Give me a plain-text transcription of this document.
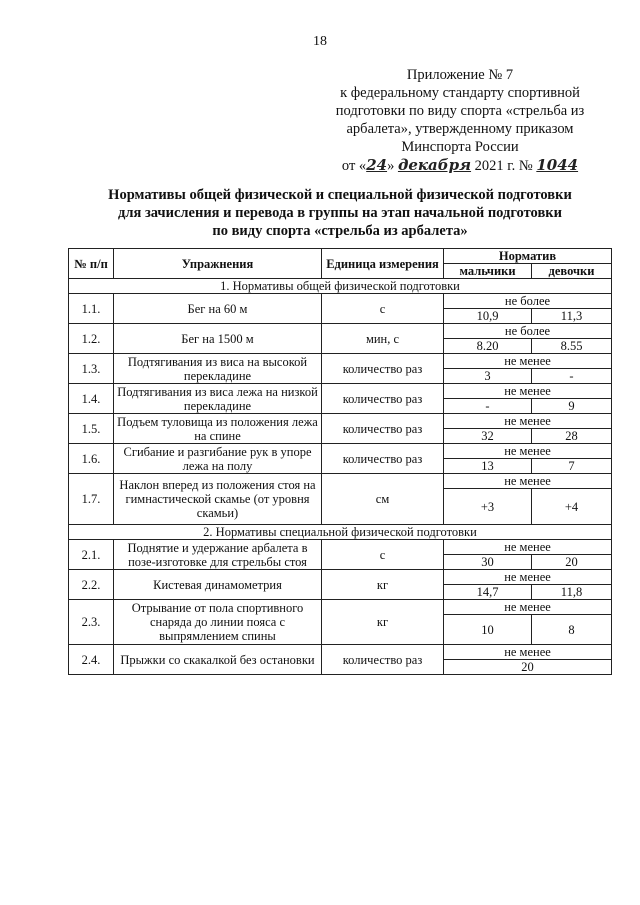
18
Приложение № 7
к федеральному стандарту спортивной
подготовки по виду спорта «стрельба из
арбалета», утвержденному приказом
Минспорта России
от «24» декабря 2021 г. № 1044
Нормативы общей физической и специальной физической подготовки
для зачисления и перевода в группы на этап начальной подготовки
по виду спорта «стрельба из арбалета»
№ п/п	Упражнения	Единица измерения	Норматив	
			мальчики	девочки
1. Нормативы общей физической подготовки				
1.1.	Бег на 60 м	с	не более	
			10,9	11,3
1.2.	Бег на 1500 м	мин, с	не более	
			8.20	8.55
1.3.	Подтягивания из виса на высокой перекладине	количество раз	не менее	
			3	-
1.4.	Подтягивания из виса лежа на низкой перекладине	количество раз	не менее	
			-	9
1.5.	Подъем туловища из положения лежа на спине	количество раз	не менее	
			32	28
1.6.	Сгибание и разгибание рук в упоре лежа на полу	количество раз	не менее	
			13	7
1.7.	Наклон вперед из положения стоя на гимнастической скамье (от уровня скамьи)	см	не менее	
			+3	+4
2. Нормативы специальной физической подготовки				
2.1.	Поднятие и удержание арбалета в позе-изготовке для стрельбы стоя	с	не менее	
			30	20
2.2.	Кистевая динамометрия	кг	не менее	
			14,7	11,8
2.3.	Отрывание от пола спортивного снаряда до линии пояса с выпрямлением спины	кг	не менее	
			10	8
2.4.	Прыжки со скакалкой без остановки	количество раз	не менее	
			20	
